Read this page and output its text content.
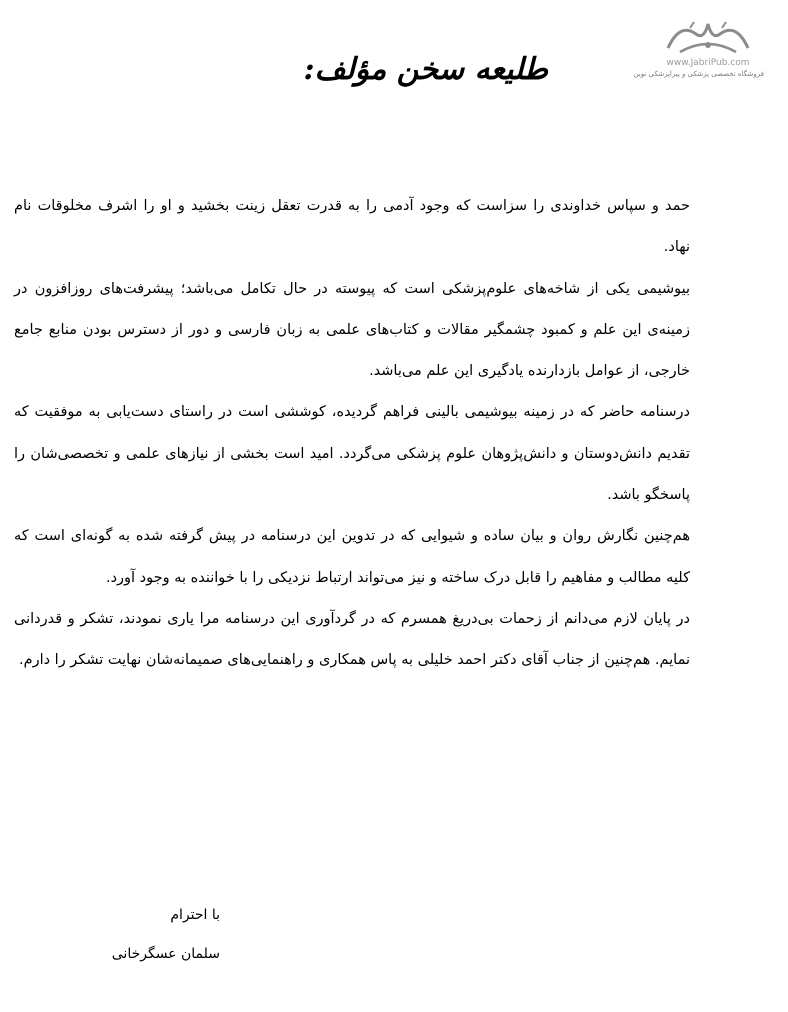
www.JabriPub.com
فروشگاه تخصصی پزشکی و پیراپزشکی نوین
طلیعه سخن مؤلف:

حمد و سپاس خداوندی را سزاست که وجود آدمی را به قدرت تعقل زینت بخشید و او را اشرف مخلوقات نام نهاد.

بیوشیمی یکی از شاخه‌های علوم‌پزشکی است که پیوسته در حال تکامل می‌باشد؛ پیشرفت‌های روزافزون در زمینه‌ی این علم و کمبود چشمگیر مقالات و کتاب‌های علمی به زبان فارسی و دور از دسترس بودن منابع جامع خارجی، از عوامل بازدارنده یادگیری این علم می‌باشد.

درسنامه حاضر که در زمینه بیوشیمی بالینی فراهم گردیده، کوششی است در راستای دست‌یابی به موفقیت که تقدیم دانش‌دوستان و دانش‌پژوهان علوم پزشکی می‌گردد. امید است بخشی از نیازهای علمی و تخصصی‌شان را پاسخگو باشد.

هم‌چنین نگارش روان و بیان ساده و شیوایی که در تدوین این درسنامه در پیش گرفته شده به گونه‌ای است که کلیه مطالب و مفاهیم را قابل درک ساخته و نیز می‌تواند ارتباط نزدیکی را با خواننده به وجود آورد.

در پایان لازم می‌دانم از زحمات بی‌دریغ همسرم که در گردآوری این درسنامه مرا یاری نمودند، تشکر و قدردانی نمایم. هم‌چنین از جناب آقای دکتر احمد خلیلی به پاس همکاری و راهنمایی‌های صمیمانه‌شان نهایت تشکر را دارم.

با احترام
سلمان عسگرخانی
